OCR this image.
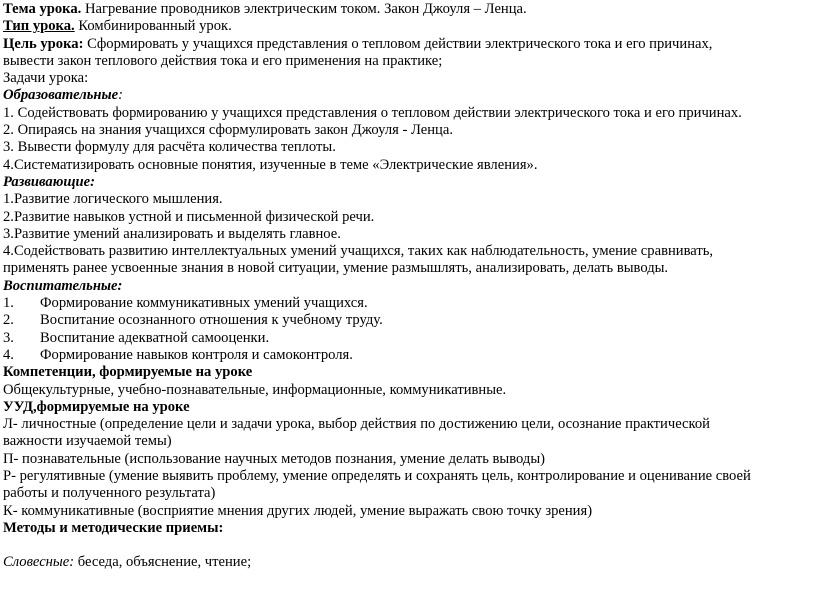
Тема урока. Нагревание проводников электрическим током. Закон Джоуля – Ленца.
Тип урока. Комбинированный урок.
Цель урока: Сформировать у учащихся представления о тепловом действии электрического тока и его причинах,
вывести закон теплового действия тока и его применения на практике;
Задачи урока:
Образовательные:
1. Содействовать формированию у учащихся представления о тепловом действии электрического тока и его причинах.
2. Опираясь на знания учащихся сформулировать закон Джоуля - Ленца.
3. Вывести формулу для расчёта количества теплоты.
4.Систематизировать основные понятия, изученные в теме «Электрические явления».
Развивающие:
1.Развитие логического мышления.
2.Развитие навыков устной и письменной физической речи.
3.Развитие умений анализировать и выделять главное.
4.Содействовать развитию интеллектуальных умений учащихся, таких как наблюдательность, умение сравнивать,
применять ранее усвоенные знания в новой ситуации, умение размышлять, анализировать, делать выводы.
Воспитательные:
1. Формирование коммуникативных умений учащихся.
2. Воспитание осознанного отношения к учебному труду.
3. Воспитание адекватной самооценки.
4. Формирование навыков контроля и самоконтроля.
Компетенции, формируемые на уроке
Общекультурные, учебно-познавательные, информационные, коммуникативные.
УУД,формируемые на уроке
Л- личностные (определение цели и задачи урока, выбор действия по достижению цели, осознание практической
важности изучаемой темы)
П- познавательные (использование научных методов познания, умение делать выводы)
Р- регулятивные (умение выявить проблему, умение определять и сохранять цель, контролирование и оценивание своей
работы и полученного результата)
К- коммуникативные (восприятие мнения других людей, умение выражать свою точку зрения)
Методы и методические приемы:
Словесные: беседа, объяснение, чтение;
